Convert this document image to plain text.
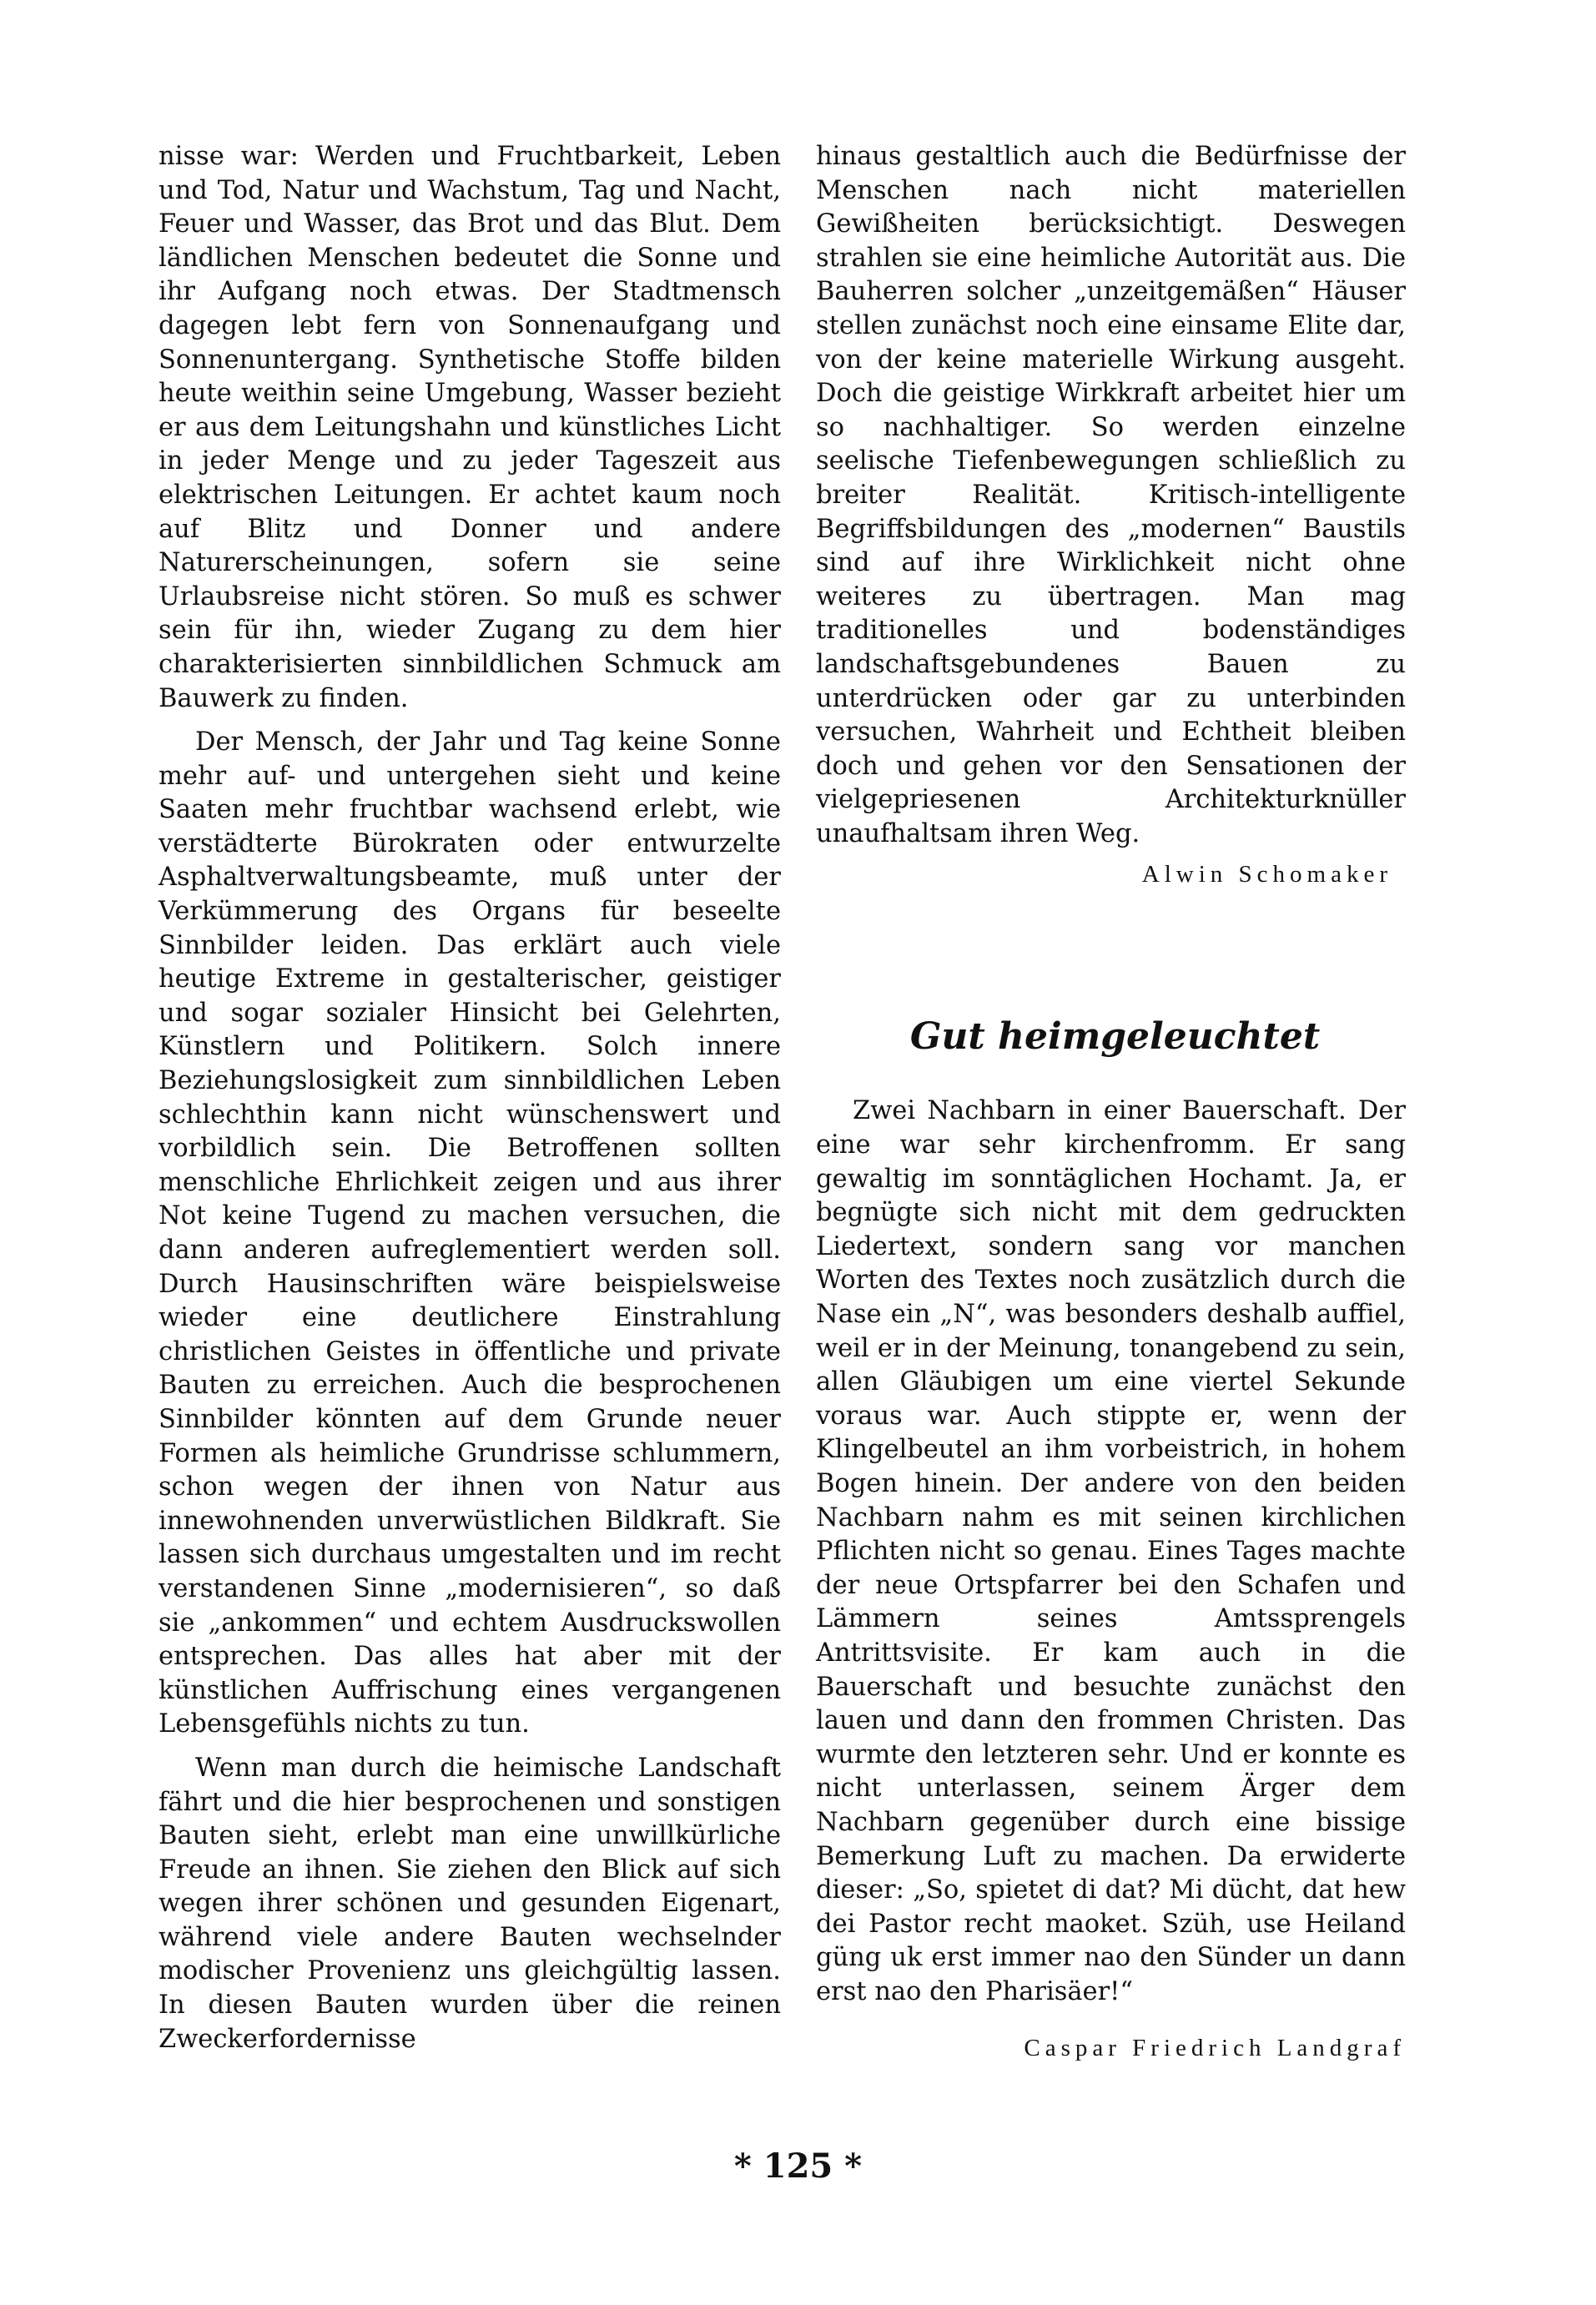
nisse war: Werden und Fruchtbarkeit, Leben und Tod, Natur und Wachstum, Tag und Nacht, Feuer und Wasser, das Brot und das Blut. Dem ländlichen Menschen bedeutet die Sonne und ihr Aufgang noch etwas. Der Stadtmensch dagegen lebt fern von Sonnenaufgang und Sonnenuntergang. Synthetische Stoffe bilden heute weithin seine Umgebung, Wasser bezieht er aus dem Leitungshahn und künstliches Licht in jeder Menge und zu jeder Tageszeit aus elektrischen Leitungen. Er achtet kaum noch auf Blitz und Donner und andere Naturerscheinungen, sofern sie seine Urlaubsreise nicht stören. So muß es schwer sein für ihn, wieder Zugang zu dem hier charakterisierten sinnbildlichen Schmuck am Bauwerk zu finden.

Der Mensch, der Jahr und Tag keine Sonne mehr auf- und untergehen sieht und keine Saaten mehr fruchtbar wachsend erlebt, wie verstädterte Bürokraten oder entwurzelte Asphaltverwaltungsbeamte, muß unter der Verkümmerung des Organs für beseelte Sinnbilder leiden. Das erklärt auch viele heutige Extreme in gestalterischer, geistiger und sogar sozialer Hinsicht bei Gelehrten, Künstlern und Politikern. Solch innere Beziehungslosigkeit zum sinnbildlichen Leben schlechthin kann nicht wünschenswert und vorbildlich sein. Die Betroffenen sollten menschliche Ehrlichkeit zeigen und aus ihrer Not keine Tugend zu machen versuchen, die dann anderen aufreglementiert werden soll. Durch Hausinschriften wäre beispielsweise wieder eine deutlichere Einstrahlung christlichen Geistes in öffentliche und private Bauten zu erreichen. Auch die besprochenen Sinnbilder könnten auf dem Grunde neuer Formen als heimliche Grundrisse schlummern, schon wegen der ihnen von Natur aus innewohnenden unverwüstlichen Bildkraft. Sie lassen sich durchaus umgestalten und im recht verstandenen Sinne „modernisieren“, so daß sie „ankommen“ und echtem Ausdruckswollen entsprechen. Das alles hat aber mit der künstlichen Auffrischung eines vergangenen Lebensgefühls nichts zu tun.

Wenn man durch die heimische Landschaft fährt und die hier besprochenen und sonstigen Bauten sieht, erlebt man eine unwillkürliche Freude an ihnen. Sie ziehen den Blick auf sich wegen ihrer schönen und gesunden Eigenart, während viele andere Bauten wechselnder modischer Provenienz uns gleichgültig lassen. In diesen Bauten wurden über die reinen Zweckerfordernisse

hinaus gestaltlich auch die Bedürfnisse der Menschen nach nicht materiellen Gewißheiten berücksichtigt. Deswegen strahlen sie eine heimliche Autorität aus. Die Bauherren solcher „unzeitgemäßen“ Häuser stellen zunächst noch eine einsame Elite dar, von der keine materielle Wirkung ausgeht. Doch die geistige Wirkkraft arbeitet hier um so nachhaltiger. So werden einzelne seelische Tiefenbewegungen schließlich zu breiter Realität. Kritisch-intelligente Begriffsbildungen des „modernen“ Baustils sind auf ihre Wirklichkeit nicht ohne weiteres zu übertragen. Man mag traditionelles und bodenständiges landschaftsgebundenes Bauen zu unterdrücken oder gar zu unterbinden versuchen, Wahrheit und Echtheit bleiben doch und gehen vor den Sensationen der vielgepriesenen Architekturknüller unaufhaltsam ihren Weg.

Alwin Schomaker
Gut heimgeleuchtet

Zwei Nachbarn in einer Bauerschaft. Der eine war sehr kirchenfromm. Er sang gewaltig im sonntäglichen Hochamt. Ja, er begnügte sich nicht mit dem gedruckten Liedertext, sondern sang vor manchen Worten des Textes noch zusätzlich durch die Nase ein „N“, was besonders deshalb auffiel, weil er in der Meinung, tonangebend zu sein, allen Gläubigen um eine viertel Sekunde voraus war. Auch stippte er, wenn der Klingelbeutel an ihm vorbeistrich, in hohem Bogen hinein. Der andere von den beiden Nachbarn nahm es mit seinen kirchlichen Pflichten nicht so genau. Eines Tages machte der neue Ortspfarrer bei den Schafen und Lämmern seines Amtssprengels Antrittsvisite. Er kam auch in die Bauerschaft und besuchte zunächst den lauen und dann den frommen Christen. Das wurmte den letzteren sehr. Und er konnte es nicht unterlassen, seinem Ärger dem Nachbarn gegenüber durch eine bissige Bemerkung Luft zu machen. Da erwiderte dieser: „So, spietet di dat? Mi dücht, dat hew dei Pastor recht maoket. Szüh, use Heiland güng uk erst immer nao den Sünder un dann erst nao den Pharisäer!“

Caspar Friedrich Landgraf
* 125 *
